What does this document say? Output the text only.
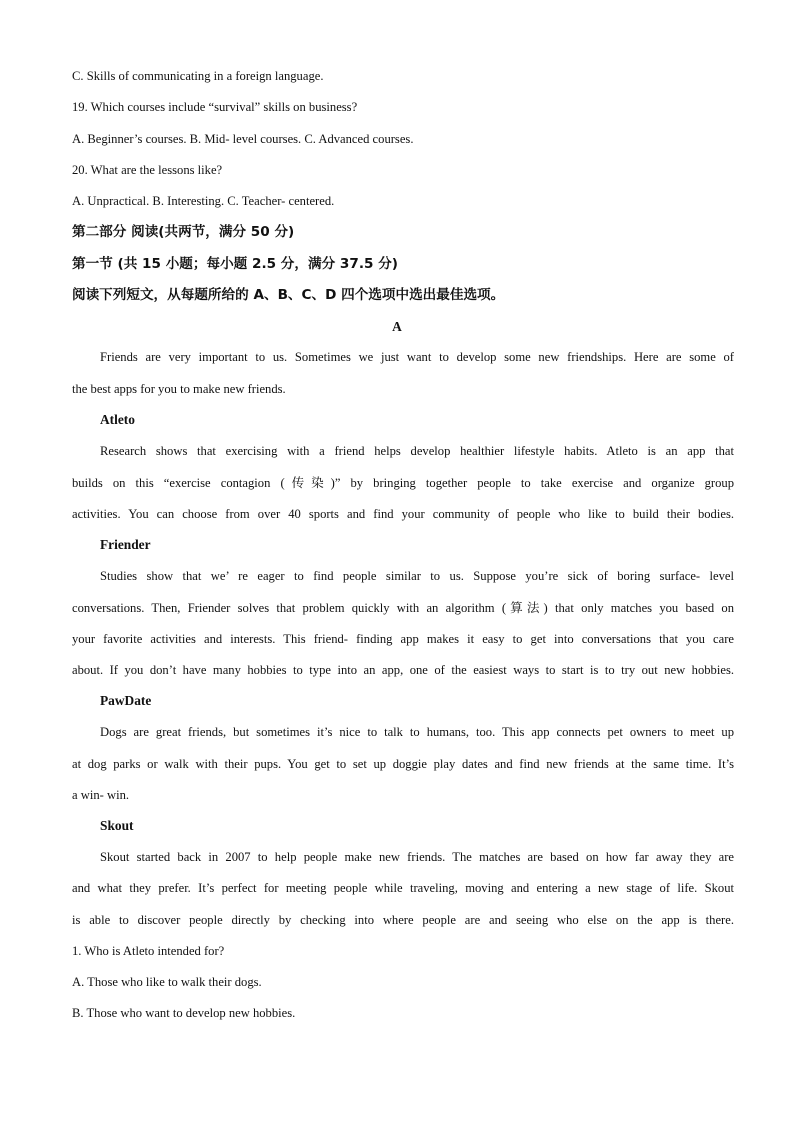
C. Skills of communicating in a foreign language.
19. Which courses include “survival” skills on business?
A. Beginner’s courses. B. Mid- level courses. C. Advanced courses.
20. What are the lessons like?
A. Unpractical. B. Interesting. C. Teacher- centered.
第二部分 阅读(共两节，满分 50 分)
第一节 (共 15 小题；每小题 2.5 分，满分 37.5 分)
阅读下列短文，从每题所给的 A、B、C、D 四个选项中选出最佳选项。
A
Friends are very important to us. Sometimes we just want to develop some new friendships. Here are some of
the best apps for you to make new friends.
Atleto
Research shows that exercising with a friend helps develop healthier lifestyle habits. Atleto is an app that
builds on this “exercise contagion (传染)” by bringing together people to take exercise and organize group
activities. You can choose from over 40 sports and find your community of people who like to build their bodies.
Friender
Studies show that we’ re eager to find people similar to us. Suppose you’re sick of boring surface- level
conversations. Then, Friender solves that problem quickly with an algorithm (算法) that only matches you based on
your favorite activities and interests. This friend- finding app makes it easy to get into conversations that you care
about. If you don’t have many hobbies to type into an app, one of the easiest ways to start is to try out new hobbies.
PawDate
Dogs are great friends, but sometimes it’s nice to talk to humans, too. This app connects pet owners to meet up
at dog parks or walk with their pups. You get to set up doggie play dates and find new friends at the same time. It’s
a win- win.
Skout
Skout started back in 2007 to help people make new friends. The matches are based on how far away they are
and what they prefer. It’s perfect for meeting people while traveling, moving and entering a new stage of life. Skout
is able to discover people directly by checking into where people are and seeing who else on the app is there.
1. Who is Atleto intended for?
A. Those who like to walk their dogs.
B. Those who want to develop new hobbies.
